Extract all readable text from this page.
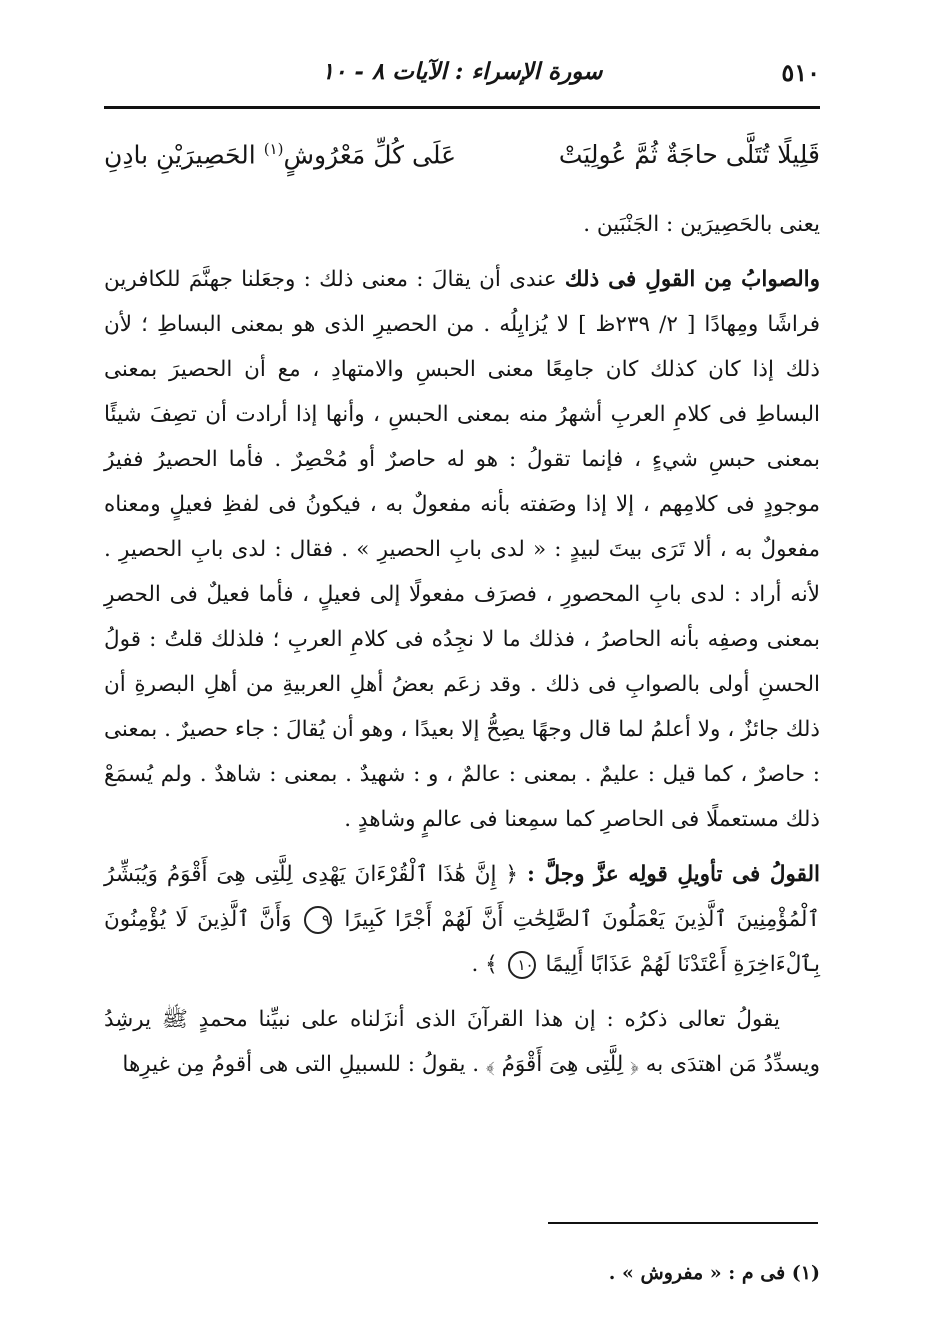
٥١٠
سورة الإسراء : الآيات ٨ - ١٠
قَلِيلًا تُتَلَّى حاجَةٌ ثُمَّ عُولِيَتْ
عَلَى كُلِّ مَعْرُوشٍ$^{(١)}$ الحَصِيرَيْنِ بادِنِ

يعنى بالحَصِيرَين : الجَنْبَين .

والصوابُ مِن القولِ فى ذلك عندى أن يقالَ : معنى ذلك : وجعَلنا جهنَّمَ للكافرين فراشًا ومِهادًا [ ٢/ ٢٣٩ظ ] لا يُزايِلُه . من الحصيرِ الذى هو بمعنى البساطِ ؛ لأن ذلك إذا كان كذلك كان جامِعًا معنى الحبسِ والامتهادِ ، مع أن الحصيرَ بمعنى البساطِ فى كلامِ العربِ أشهرُ منه بمعنى الحبسِ ، وأنها إذا أرادت أن تصِفَ شيئًا بمعنى حبسِ شيءٍ ، فإنما تقولُ : هو له حاصرٌ أو مُحْصِرٌ . فأما الحصيرُ ففيرُ موجودٍ فى كلامِهم ، إلا إذا وصَفته بأنه مفعولٌ به ، فيكونُ فى لفظِ فعيلٍ ومعناه مفعولٌ به ، ألا تَرَى بيتَ لبيدٍ : « لدى بابِ الحصيرِ » . فقال : لدى بابِ الحصيرِ . لأنه أراد : لدى بابِ المحصورِ ، فصرَف مفعولًا إلى فعيلٍ ، فأما فعيلٌ فى الحصرِ بمعنى وصفِه بأنه الحاصرُ ، فذلك ما لا نجِدُه فى كلامِ العربِ ؛ فلذلك قلتُ : قولُ الحسنِ أولى بالصوابِ فى ذلك . وقد زعَم بعضُ أهلِ العربيةِ من أهلِ البصرةِ أن ذلك جائزٌ ، ولا أعلمُ لما قال وجهًا يصِحُّ إلا بعيدًا ، وهو أن يُقالَ : جاء حصيرٌ . بمعنى : حاصرٌ ، كما قيل : عليمٌ . بمعنى : عالمٌ ، و : شهيدٌ . بمعنى : شاهدٌ . ولم يُسمَعْ ذلك مستعملًا فى الحاصرِ كما سمِعنا فى عالمٍ وشاهدٍ .

القولُ فى تأويلِ قولِه عزَّ وجلَّ : ﴿ إِنَّ هَٰذَا ٱلْقُرْءَانَ يَهْدِى لِلَّتِى هِىَ أَقْوَمُ وَيُبَشِّرُ ٱلْمُؤْمِنِينَ ٱلَّذِينَ يَعْمَلُونَ ٱلصَّٰلِحَٰتِ أَنَّ لَهُمْ أَجْرًا كَبِيرًا ٩ وَأَنَّ ٱلَّذِينَ لَا يُؤْمِنُونَ بِٱلْءَاخِرَةِ أَعْتَدْنَا لَهُمْ عَذَابًا أَلِيمًا ١٠ ﴾ .

يقولُ تعالى ذكرُه : إن هذا القرآنَ الذى أنزَلناه على نبيِّنا محمدٍ ﷺ يرشِدُ ويسدِّدُ مَن اهتدَى به ﴿ لِلَّتِى هِىَ أَقْوَمُ ﴾ . يقولُ : للسبيلِ التى هى أقومُ مِن غيرِها

(١) فى م : « مفروش » .
